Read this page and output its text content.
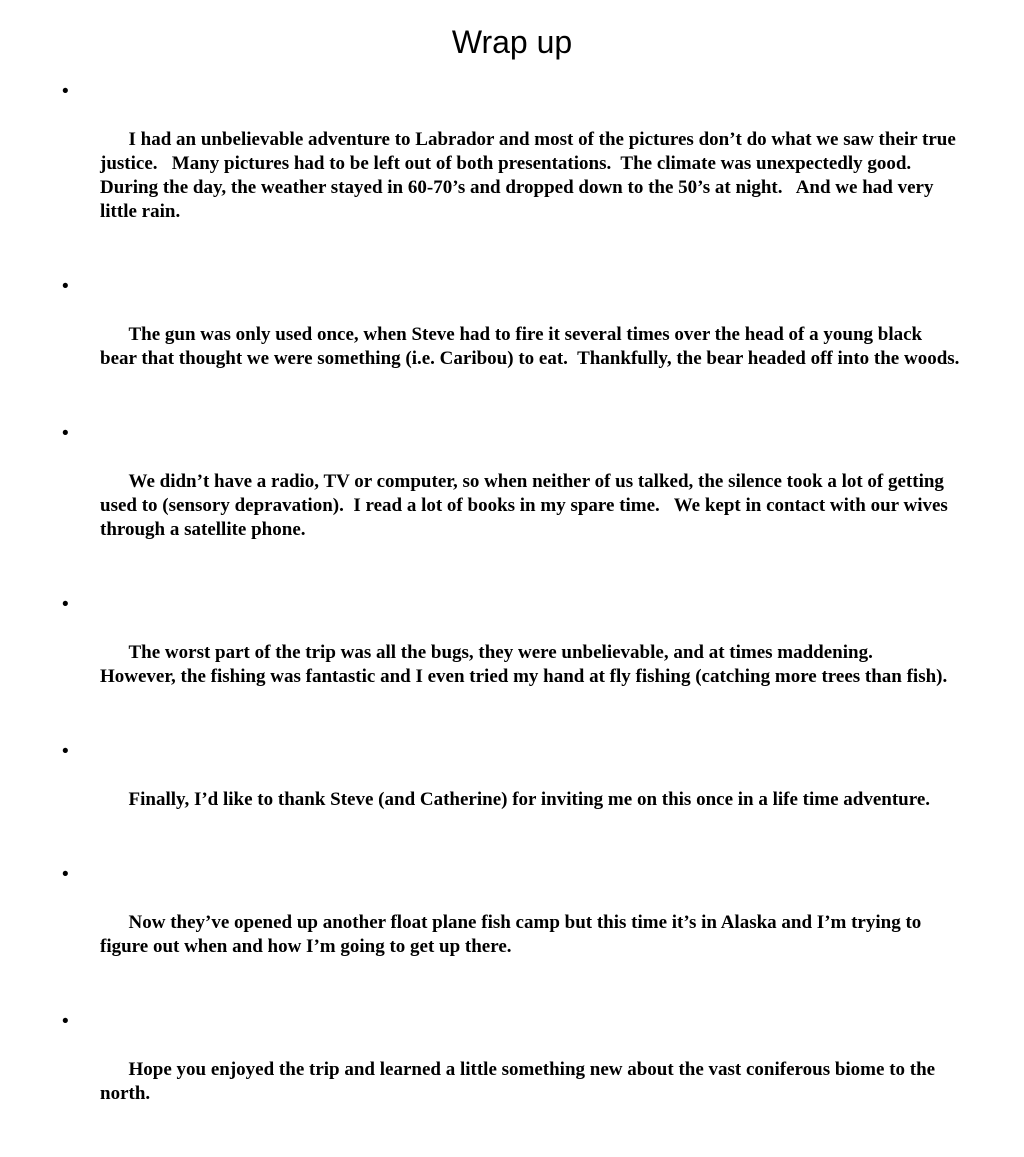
Wrap up

•

I had an unbelievable adventure to Labrador and most of the pictures don’t do what we saw their true justice.   Many pictures had to be left out of both presentations.  The climate was unexpectedly good.  During the day, the weather stayed in 60-70’s and dropped down to the 50’s at night.   And we had very little rain.

•

The gun was only used once, when Steve had to fire it several times over the head of a young black bear that thought we were something (i.e. Caribou) to eat.  Thankfully, the bear headed off into the woods.

•

We didn’t have a radio, TV or computer, so when neither of us talked, the silence took a lot of getting used to (sensory depravation).  I read a lot of books in my spare time.   We kept in contact with our wives through a satellite phone.

•

The worst part of the trip was all the bugs, they were unbelievable, and at times maddening.    However, the fishing was fantastic and I even tried my hand at fly fishing (catching more trees than fish).

•

Finally, I’d like to thank Steve (and Catherine) for inviting me on this once in a life time adventure.

•

Now they’ve opened up another float plane fish camp but this time it’s in Alaska and I’m trying to figure out when and how I’m going to get up there.

•

Hope you enjoyed the trip and learned a little something new about the vast coniferous biome to the north.
